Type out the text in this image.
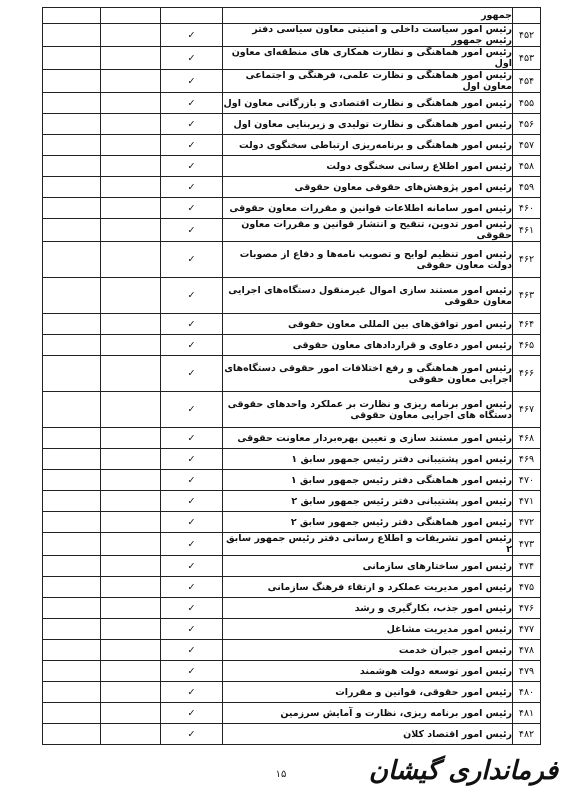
			جمهور	
		✓	رئیس امور سیاست داخلی و امنیتی معاون سیاسی دفتر رئیس جمهور	۴۵۲
		✓	رئیس امور هماهنگی و نظارت همکاری های منطقه‌ای معاون اول	۴۵۳
		✓	رئیس امور هماهنگی و نظارت علمی، فرهنگی و اجتماعی معاون اول	۴۵۴
		✓	رئیس امور هماهنگی و نظارت اقتصادی و بازرگانی معاون اول	۴۵۵
		✓	رئیس امور هماهنگی و نظارت تولیدی و زیربنایی معاون اول	۴۵۶
		✓	رئیس امور هماهنگی و برنامه‌ریزی ارتباطی سخنگوی دولت	۴۵۷
		✓	رئیس امور اطلاع رسانی سخنگوی دولت	۴۵۸
		✓	رئیس امور پژوهش‌های حقوقی معاون حقوقی	۴۵۹
		✓	رئیس امور سامانه اطلاعات قوانین و مقررات معاون حقوقی	۴۶۰
		✓	رئیس امور تدوین، تنقیح و انتشار قوانین و مقررات معاون حقوقی	۴۶۱
		✓	رئیس امور تنظیم لوایح و تصویب نامه‌ها و دفاع از مصوبات دولت معاون حقوقی	۴۶۲
		✓	رئیس امور مستند سازی اموال غیرمنقول دستگاه‌های اجرایی معاون حقوقی	۴۶۳
		✓	رئیس امور توافق‌های بین المللی معاون حقوقی	۴۶۴
		✓	رئیس امور دعاوی و قراردادهای معاون حقوقی	۴۶۵
		✓	رئیس امور هماهنگی و رفع اختلافات امور حقوقی دستگاه‌های اجرایی معاون حقوقی	۴۶۶
		✓	رئیس امور برنامه ریزی و نظارت بر عملکرد واحدهای حقوقی دستگاه های اجرایی معاون حقوقی	۴۶۷
		✓	رئیس امور مستند سازی و تعیین بهره‌بردار معاونت حقوقی	۴۶۸
		✓	رئیس امور پشتیبانی دفتر رئیس جمهور سابق ۱	۴۶۹
		✓	رئیس امور هماهنگی دفتر رئیس جمهور سابق ۱	۴۷۰
		✓	رئیس امور پشتیبانی دفتر رئیس جمهور سابق ۲	۴۷۱
		✓	رئیس امور هماهنگی دفتر رئیس جمهور سابق ۲	۴۷۲
		✓	رئیس امور تشریفات و اطلاع رسانی دفتر رئیس جمهور سابق ۲	۴۷۳
		✓	رئیس امور ساختارهای سازمانی	۴۷۴
		✓	رئیس امور مدیریت عملکرد و ارتقاء فرهنگ سازمانی	۴۷۵
		✓	رئیس امور جذب، بکارگیری و رشد	۴۷۶
		✓	رئیس امور مدیریت مشاغل	۴۷۷
		✓	رئیس امور جبران خدمت	۴۷۸
		✓	رئیس امور توسعه دولت هوشمند	۴۷۹
		✓	رئیس امور حقوقی، قوانین و مقررات	۴۸۰
		✓	رئیس امور برنامه ریزی، نظارت و آمایش سرزمین	۴۸۱
		✓	رئیس امور اقتصاد کلان	۴۸۲
۱۵	فرمانداری گیشان
